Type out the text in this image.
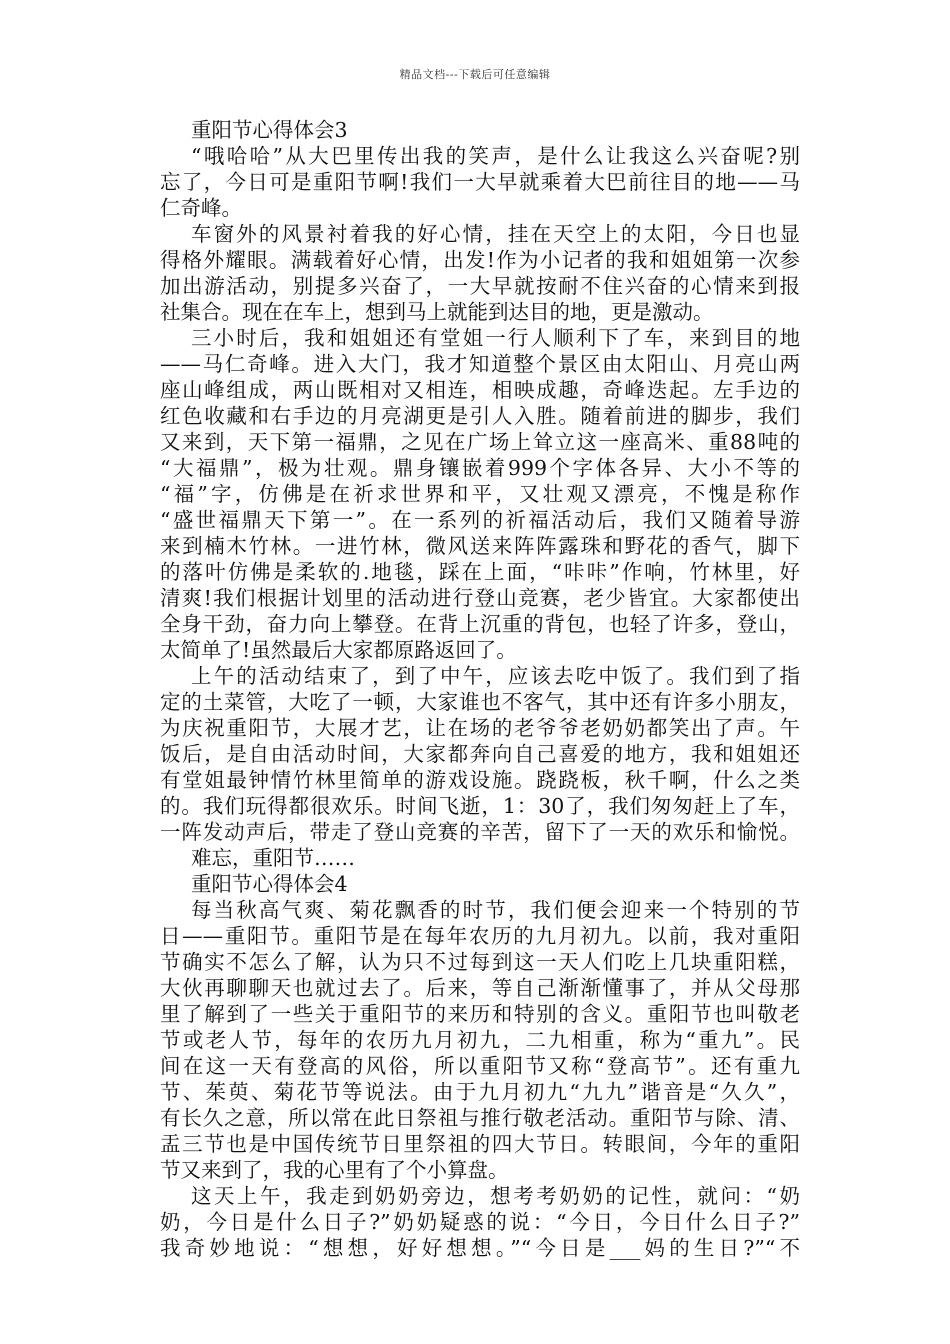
精品文档---下载后可任意编辑
重阳节心得体会3
“哦哈哈”从大巴里传出我的笑声，是什么让我这么兴奋呢?别
忘了，今日可是重阳节啊!我们一大早就乘着大巴前往目的地——马
仁奇峰。
车窗外的风景衬着我的好心情，挂在天空上的太阳，今日也显
得格外耀眼。满载着好心情，出发!作为小记者的我和姐姐第一次参
加出游活动，别提多兴奋了，一大早就按耐不住兴奋的心情来到报
社集合。现在在车上，想到马上就能到达目的地，更是激动。
三小时后，我和姐姐还有堂姐一行人顺利下了车，来到目的地
——马仁奇峰。进入大门，我才知道整个景区由太阳山、月亮山两
座山峰组成，两山既相对又相连，相映成趣，奇峰迭起。左手边的
红色收藏和右手边的月亮湖更是引人入胜。随着前进的脚步，我们
又来到，天下第一福鼎，之见在广场上耸立这一座高米、重88吨的
“大福鼎”，极为壮观。鼎身镶嵌着999个字体各异、大小不等的
“福”字，仿佛是在祈求世界和平，又壮观又漂亮，不愧是称作
“盛世福鼎天下第一”。在一系列的祈福活动后，我们又随着导游
来到楠木竹林。一进竹林，微风送来阵阵露珠和野花的香气，脚下
的落叶仿佛是柔软的.地毯，踩在上面，“咔咔”作响，竹林里，好
清爽!我们根据计划里的活动进行登山竞赛，老少皆宜。大家都使出
全身干劲，奋力向上攀登。在背上沉重的背包，也轻了许多，登山，
太简单了!虽然最后大家都原路返回了。
上午的活动结束了，到了中午，应该去吃中饭了。我们到了指
定的土菜管，大吃了一顿，大家谁也不客气，其中还有许多小朋友，
为庆祝重阳节，大展才艺，让在场的老爷爷老奶奶都笑出了声。午
饭后，是自由活动时间，大家都奔向自己喜爱的地方，我和姐姐还
有堂姐最钟情竹林里简单的游戏设施。跷跷板，秋千啊，什么之类
的。我们玩得都很欢乐。时间飞逝，1：30了，我们匆匆赶上了车，
一阵发动声后，带走了登山竞赛的辛苦，留下了一天的欢乐和愉悦。
难忘，重阳节……
重阳节心得体会4
每当秋高气爽、菊花飘香的时节，我们便会迎来一个特别的节
日——重阳节。重阳节是在每年农历的九月初九。以前，我对重阳
节确实不怎么了解，认为只不过每到这一天人们吃上几块重阳糕，
大伙再聊聊天也就过去了。后来，等自己渐渐懂事了，并从父母那
里了解到了一些关于重阳节的来历和特别的含义。重阳节也叫敬老
节或老人节，每年的农历九月初九，二九相重，称为“重九”。民
间在这一天有登高的风俗，所以重阳节又称“登高节”。还有重九
节、茱萸、菊花节等说法。由于九月初九“九九”谐音是“久久”，
有长久之意，所以常在此日祭祖与推行敬老活动。重阳节与除、清、
盂三节也是中国传统节日里祭祖的四大节日。转眼间，今年的重阳
节又来到了，我的心里有了个小算盘。
这天上午，我走到奶奶旁边，想考考奶奶的记性，就问：“奶
奶，今日是什么日子?”奶奶疑惑的说：“今日，今日什么日子?”
我奇妙地说：“想想，好好想想。”“今日是___妈的生日?”“不
